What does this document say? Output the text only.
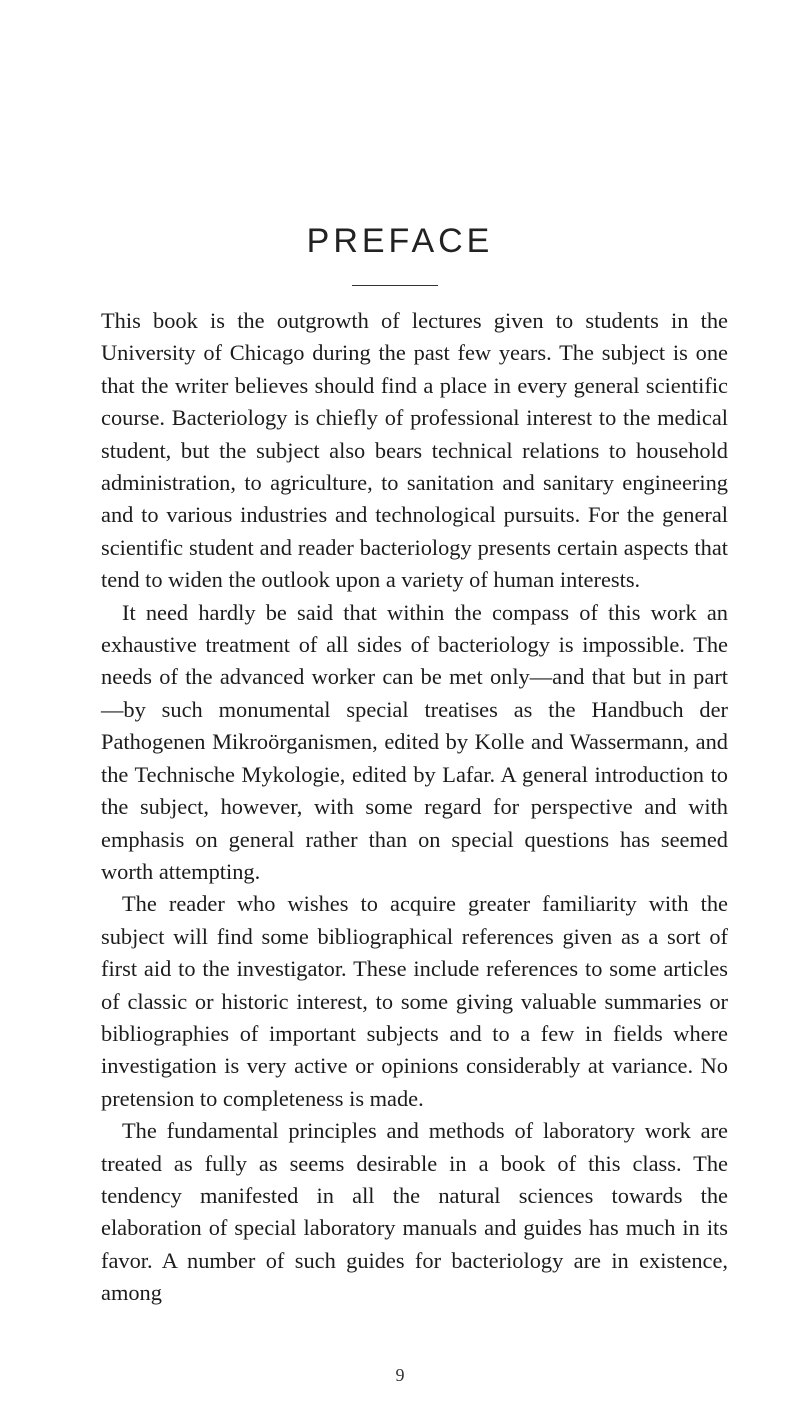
PREFACE

This book is the outgrowth of lectures given to students in the University of Chicago during the past few years. The subject is one that the writer believes should find a place in every general scientific course. Bacteriology is chiefly of professional interest to the medical student, but the subject also bears technical relations to household administration, to agriculture, to sanitation and sanitary engineering and to various industries and technological pursuits. For the general scientific student and reader bacteriology presents certain aspects that tend to widen the outlook upon a variety of human interests.

It need hardly be said that within the compass of this work an exhaustive treatment of all sides of bacteriology is impossible. The needs of the advanced worker can be met only—and that but in part—by such monumental special treatises as the Handbuch der Pathogenen Mikroörganismen, edited by Kolle and Wassermann, and the Technische Mykologie, edited by Lafar. A general introduction to the subject, however, with some regard for perspective and with emphasis on general rather than on special questions has seemed worth attempting.

The reader who wishes to acquire greater familiarity with the subject will find some bibliographical references given as a sort of first aid to the investigator. These include references to some articles of classic or historic interest, to some giving valuable summaries or bibliographies of important subjects and to a few in fields where investigation is very active or opinions considerably at variance. No pretension to completeness is made.

The fundamental principles and methods of laboratory work are treated as fully as seems desirable in a book of this class. The tendency manifested in all the natural sciences towards the elaboration of special laboratory manuals and guides has much in its favor. A number of such guides for bacteriology are in existence, among

9
